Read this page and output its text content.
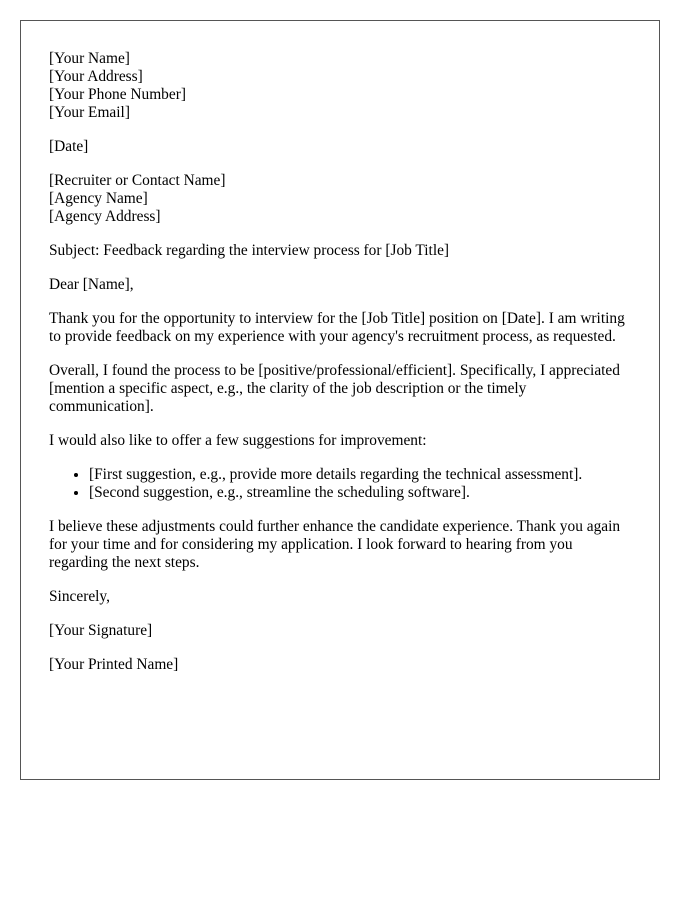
[Your Name]
[Your Address]
[Your Phone Number]
[Your Email]
[Date]
[Recruiter or Contact Name]
[Agency Name]
[Agency Address]

Subject: Feedback regarding the interview process for [Job Title]

Dear [Name],

Thank you for the opportunity to interview for the [Job Title] position on [Date]. I am writing to provide feedback on my experience with your agency's recruitment process, as requested.

Overall, I found the process to be [positive/professional/efficient]. Specifically, I appreciated [mention a specific aspect, e.g., the clarity of the job description or the timely communication].

I would also like to offer a few suggestions for improvement:

• [First suggestion, e.g., provide more details regarding the technical assessment].
• [Second suggestion, e.g., streamline the scheduling software].

I believe these adjustments could further enhance the candidate experience. Thank you again for your time and for considering my application. I look forward to hearing from you regarding the next steps.

Sincerely,

[Your Signature]

[Your Printed Name]
